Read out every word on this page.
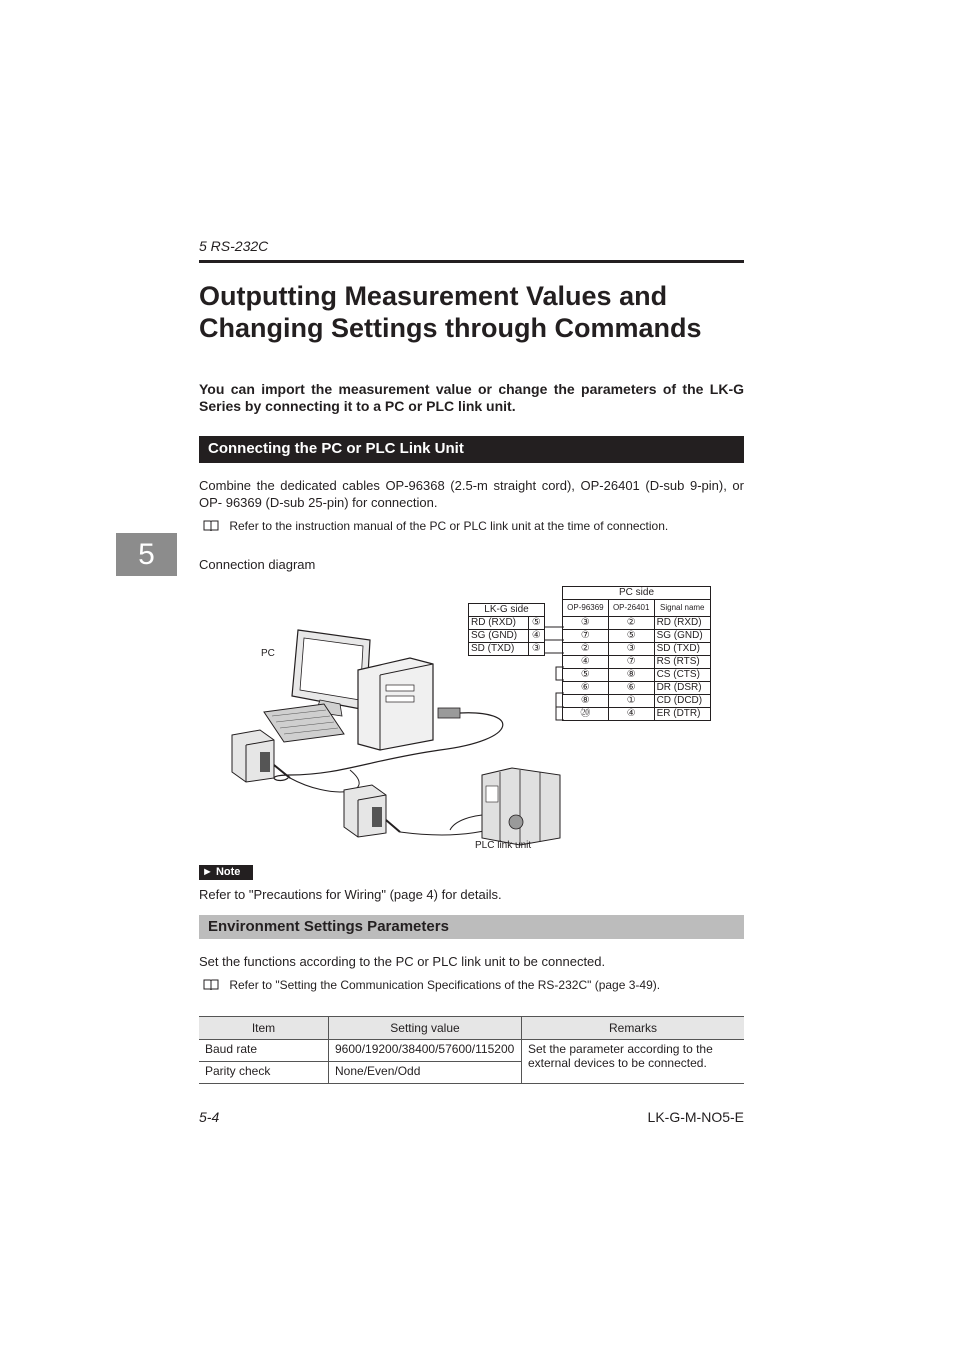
5 RS-232C
Outputting Measurement Values and
Changing Settings through Commands

You can import the measurement value or change the parameters of the LK-G Series by connecting it to a PC or PLC link unit.

Connecting the PC or PLC Link Unit

Combine the dedicated cables OP-96368 (2.5-m straight cord), OP-26401 (D-sub 9-pin), or OP- 96369 (D-sub 25-pin) for connection.

Refer to the instruction manual of the PC or PLC link unit at the time of connection.
5	Connection diagram
PC
PLC link unit
LK-G side	
RD (RXD)	⑤
SG (GND)	④
SD (TXD)	③
PC side		
OP-96369	OP-26401	Signal name
③	②	RD (RXD)
⑦	⑤	SG (GND)
②	③	SD (TXD)
④	⑦	RS (RTS)
⑤	⑧	CS (CTS)
⑥	⑥	DR (DSR)
⑧	①	CD (DCD)
⑳	④	ER (DTR)
► Note
Refer to "Precautions for Wiring" (page 4) for details.
Environment Settings Parameters
Set the functions according to the PC or PLC link unit to be connected.
Refer to "Setting the Communication Specifications of the RS-232C" (page 3-49).
Item	Setting value	Remarks
Baud rate	9600/19200/38400/57600/115200	Set the parameter according to the external devices to be connected.
Parity check	None/Even/Odd	
5-4	LK-G-M-NO5-E
